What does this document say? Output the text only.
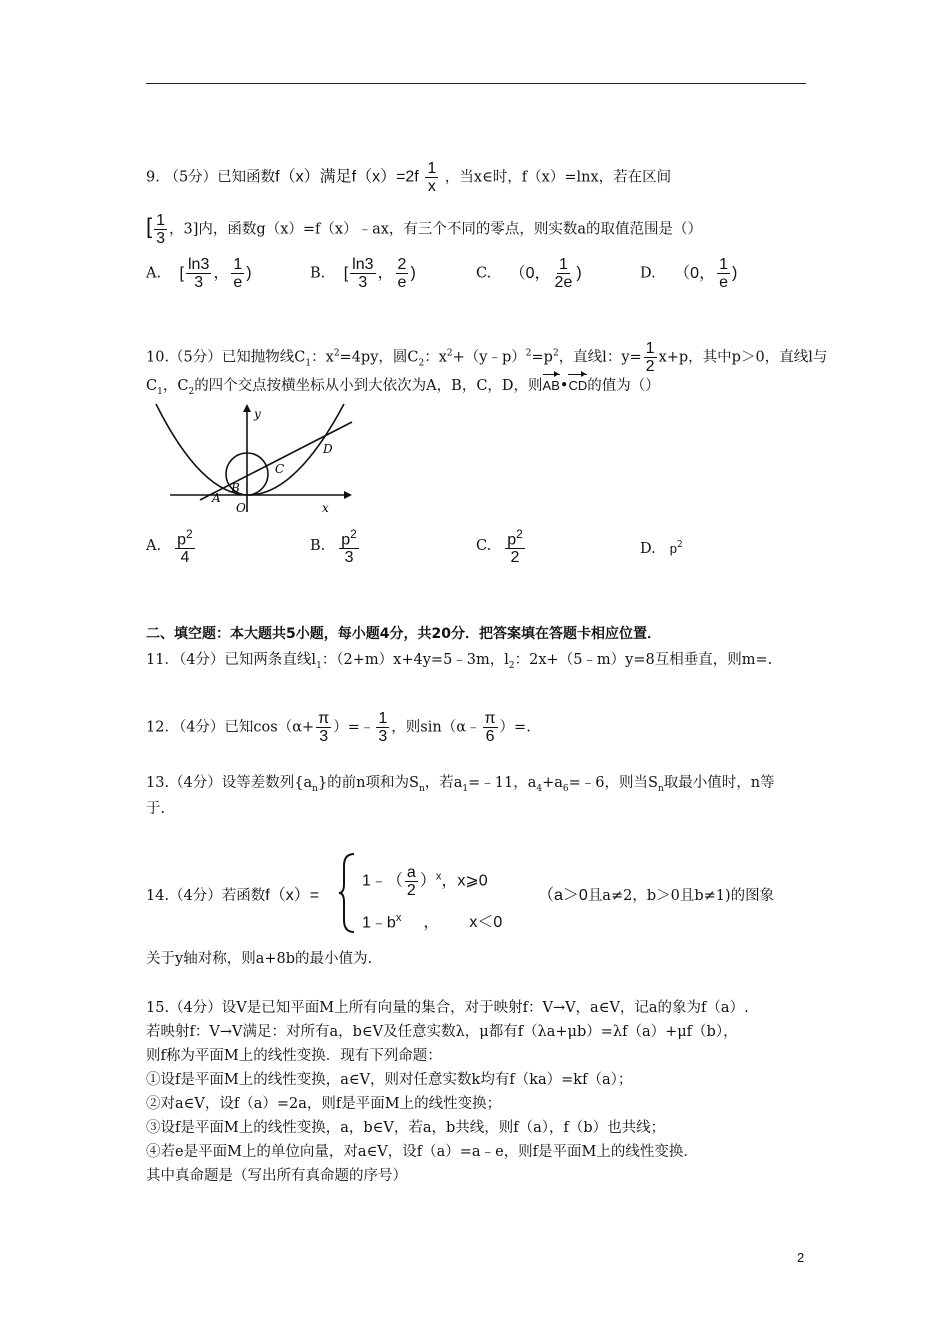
9. （5分）已知函数f（x）满足$f(x)=2f \frac{1}{x}$ ，当x∈时，f（x）=lnx，若在区间
[ $\frac{1}{3}$ ，3]内，函数g（x）=f（x）﹣ax，有三个不同的零点，则实数a的取值范围是（）
A. [ $\frac{\ln 3}{3}$ ， $\frac{1}{e}$ )	B. [ $\frac{\ln 3}{3}$ ， $\frac{2}{e}$ )	C. （0， $\frac{1}{2e}$ )	D. （0， $\frac{1}{e}$ )
10.（5分）已知抛物线$C_1$：$x^2=4py$，圆$C_2$：$x^2+(y﹣p)^2=p^2$，直线l：$y= \frac{1}{2} x+p$，其中p＞0，直线l与
$C_1$，$C_2$的四个交点按横坐标从小到大依次为A，B，C，D，则AB•CD的值为（）
y
x
O
A
B
C
D
A. $\frac{p^2}{4}$	B. $\frac{p^2}{3}$	C. $\frac{p^2}{2}$	D. $p^2$
二、填空题：本大题共5小题，每小题4分，共20分．把答案填在答题卡相应位置．
11．（4分）已知两条直线$l_1$：（2+m）x+4y=5﹣3m，$l_2$：2x+（5﹣m）y=8互相垂直，则m=.
12．（4分）已知$\cos(\alpha+ \frac{\pi}{3}$ ）=﹣ $\frac{1}{3}$ ，则sin（α﹣ $\frac{\pi}{6}$ ）=.
13.（4分）设等差数列$\{a_n\}$的前n项和为$S_n$，若$a_1=﹣11$，$a_4+a_6=﹣6$，则当$S_n$取最小值时，n等
于.
14.（4分）若函数f（x）=
1﹣（ $\frac{a}{2} )^x$，x⩾0
$1﹣b^x$ ， x＜0
（a＞0且a≠2，b＞0且b≠1)的图象
关于y轴对称，则a+8b的最小值为.
15.（4分）设V是已知平面M上所有向量的集合，对于映射f：V→V，a∈V，记a的象为f（a）.
若映射f：V→V满足：对所有a，b∈V及任意实数λ，μ都有f（λa+μb）=λf（a）+μf（b），
则f称为平面M上的线性变换．现有下列命题：
①设f是平面M上的线性变换，a∈V，则对任意实数k均有f（ka）=kf（a）；
②对a∈V，设f（a）=2a，则f是平面M上的线性变换；
③设f是平面M上的线性变换，a，b∈V，若a，b共线，则f（a），f（b）也共线；
④若e是平面M上的单位向量，对a∈V，设f（a）=a﹣e，则f是平面M上的线性变换．
其中真命题是（写出所有真命题的序号）
2
